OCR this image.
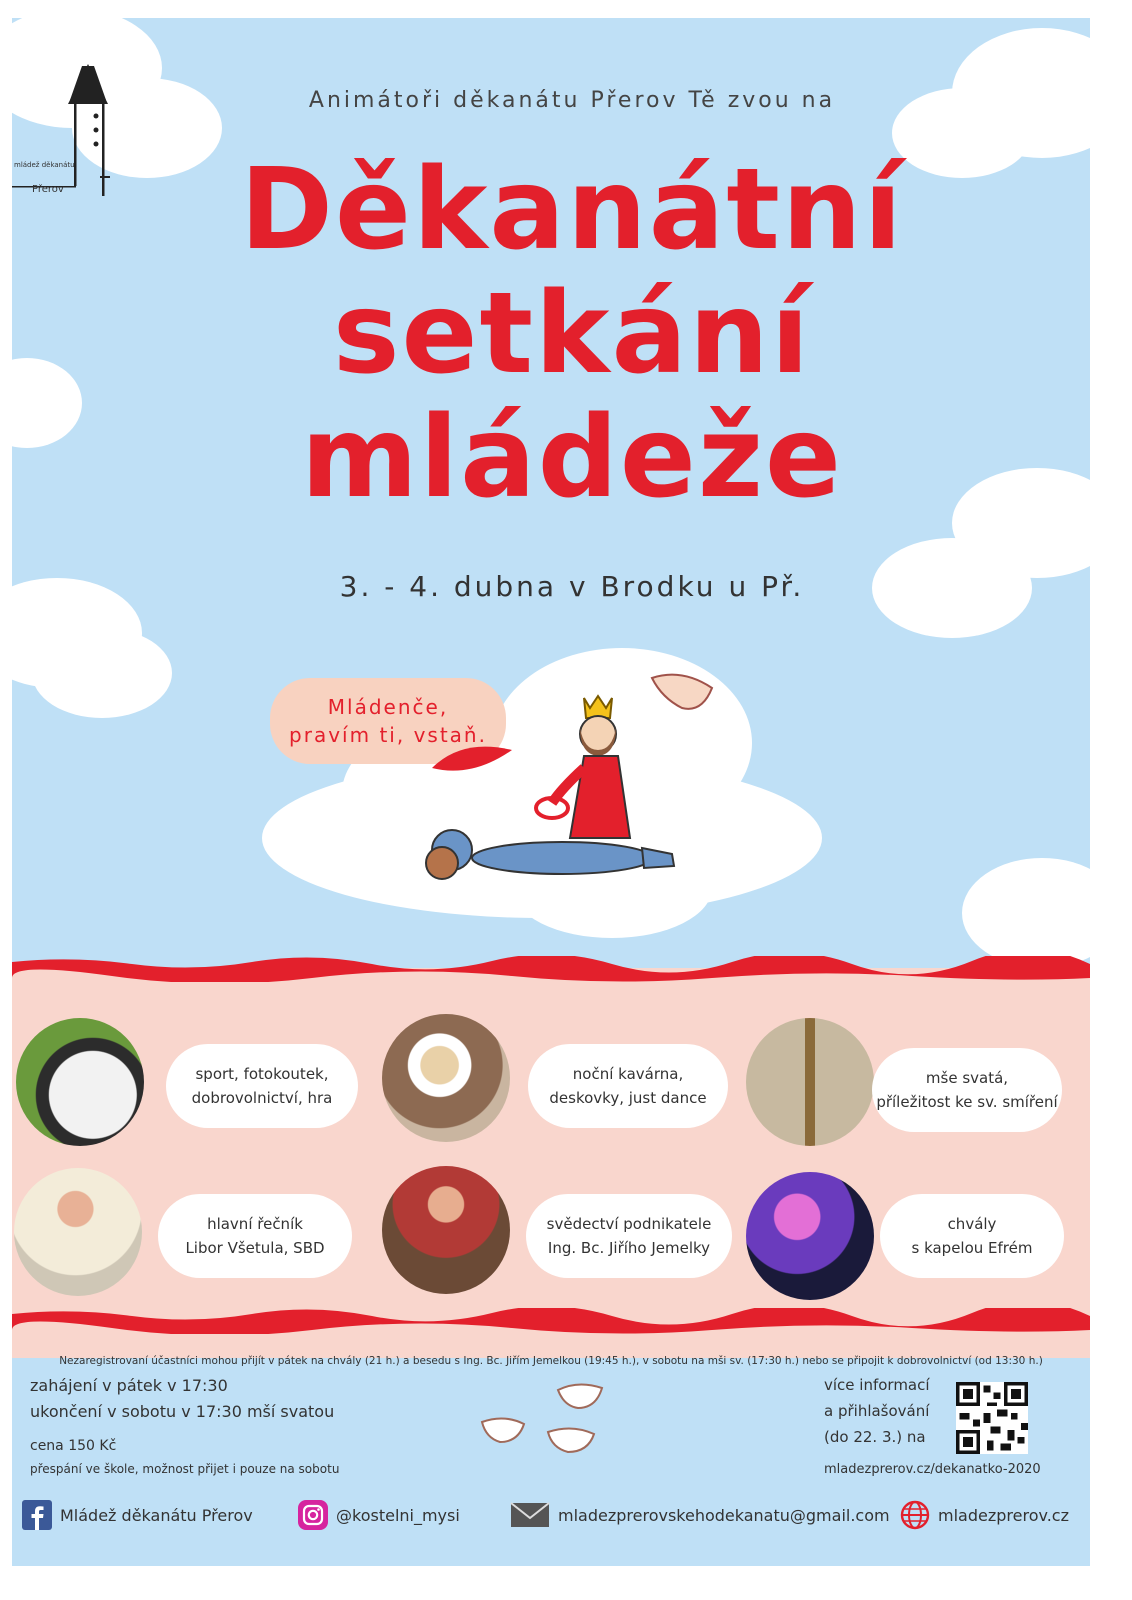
mládež děkanátu
Přerov
Animátoři děkanátu Přerov Tě zvou na
Děkanátní
setkání
mládeže
3. - 4. dubna v Brodku u Př.
Mládenče,
pravím ti, vstaň.
sport, fotokoutek,
dobrovolnictví, hra
noční kavárna,
deskovky, just dance
mše svatá,
příležitost ke sv. smíření
hlavní řečník
Libor Všetula, SBD
svědectví podnikatele
Ing. Bc. Jiřího Jemelky
chvály
s kapelou Efrém
Nezaregistrovaní účastníci mohou přijít v pátek na chvály (21 h.) a besedu s Ing. Bc. Jiřím Jemelkou (19:45 h.), v sobotu na mši sv. (17:30 h.) nebo se připojit k dobrovolnictví (od 13:30 h.)
zahájení v pátek v 17:30
ukončení v sobotu v 17:30 mší svatou
cena 150 Kč
přespání ve škole, možnost přijet i pouze na sobotu
více informací
a přihlašování
(do 22. 3.) na
mladezprerov.cz/dekanatko-2020
Mládež děkanátu Přerov	@kostelni_mysi	mladezprerovskehodekanatu@gmail.com	mladezprerov.cz
